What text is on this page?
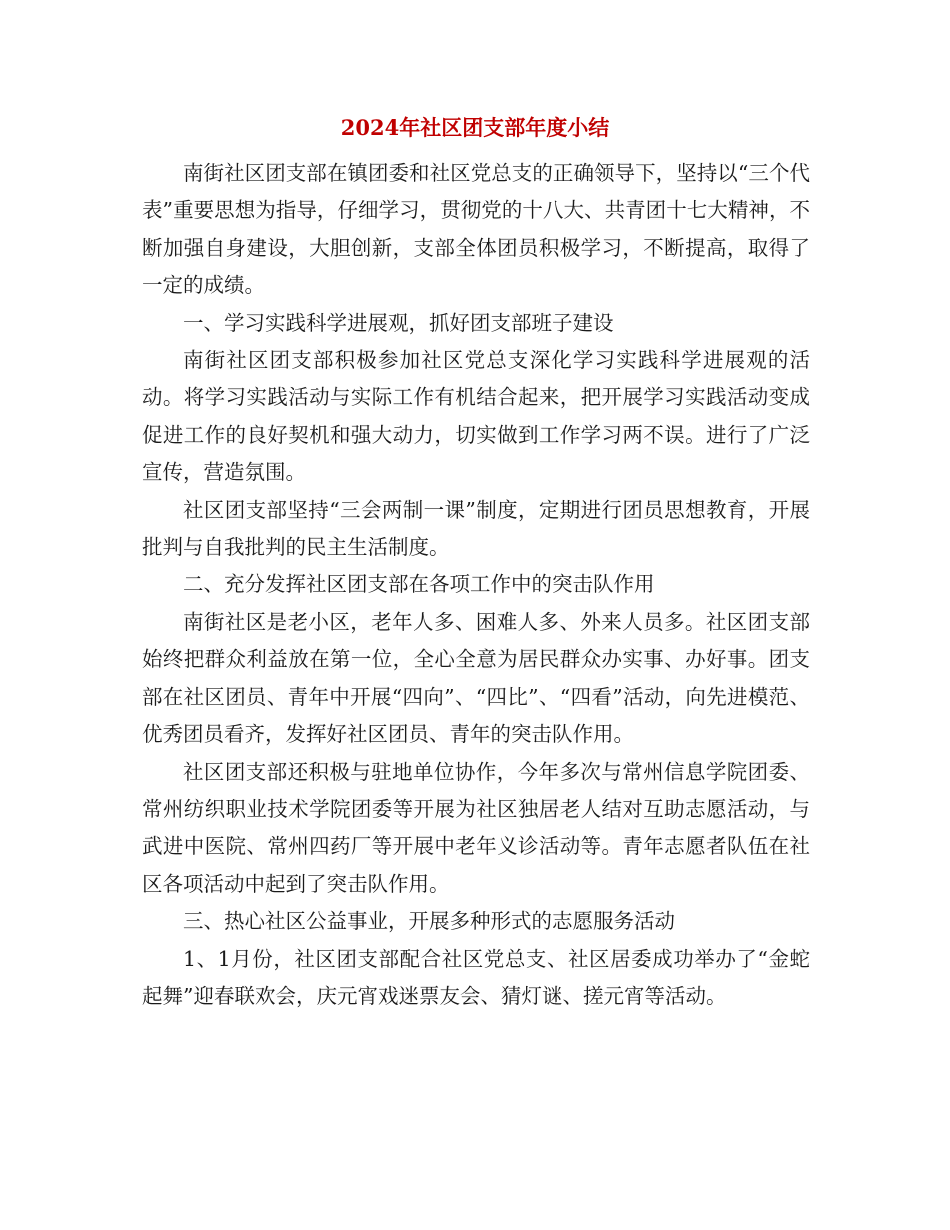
2024年社区团支部年度小结

南街社区团支部在镇团委和社区党总支的正确领导下，坚持以“三个代表”重要思想为指导，仔细学习，贯彻党的十八大、共青团十七大精神，不断加强自身建设，大胆创新，支部全体团员积极学习，不断提高，取得了一定的成绩。

一、学习实践科学进展观，抓好团支部班子建设

南街社区团支部积极参加社区党总支深化学习实践科学进展观的活动。将学习实践活动与实际工作有机结合起来，把开展学习实践活动变成促进工作的良好契机和强大动力，切实做到工作学习两不误。进行了广泛宣传，营造氛围。

社区团支部坚持“三会两制一课”制度，定期进行团员思想教育，开展批判与自我批判的民主生活制度。

二、充分发挥社区团支部在各项工作中的突击队作用

南街社区是老小区，老年人多、困难人多、外来人员多。社区团支部始终把群众利益放在第一位，全心全意为居民群众办实事、办好事。团支部在社区团员、青年中开展“四向”、“四比”、“四看”活动，向先进模范、优秀团员看齐，发挥好社区团员、青年的突击队作用。

社区团支部还积极与驻地单位协作，今年多次与常州信息学院团委、常州纺织职业技术学院团委等开展为社区独居老人结对互助志愿活动，与武进中医院、常州四药厂等开展中老年义诊活动等。青年志愿者队伍在社区各项活动中起到了突击队作用。

三、热心社区公益事业，开展多种形式的志愿服务活动

1、1月份，社区团支部配合社区党总支、社区居委成功举办了“金蛇起舞”迎春联欢会，庆元宵戏迷票友会、猜灯谜、搓元宵等活动。
